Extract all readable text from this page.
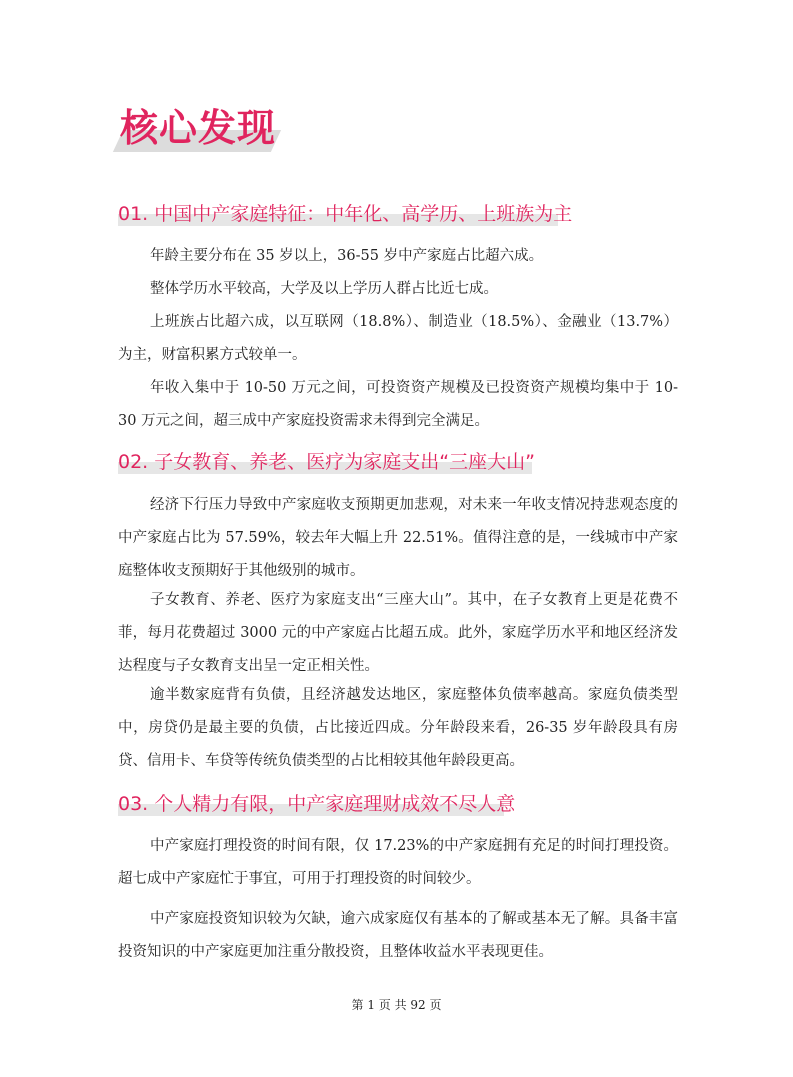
核心发现
01. 中国中产家庭特征：中年化、高学历、上班族为主

年龄主要分布在 35 岁以上，36-55 岁中产家庭占比超六成。

整体学历水平较高，大学及以上学历人群占比近七成。

上班族占比超六成，以互联网（18.8%）、制造业（18.5%）、金融业（13.7%）为主，财富积累方式较单一。

年收入集中于 10-50 万元之间，可投资资产规模及已投资资产规模均集中于 10-30 万元之间，超三成中产家庭投资需求未得到完全满足。

02. 子女教育、养老、医疗为家庭支出“三座大山”

经济下行压力导致中产家庭收支预期更加悲观，对未来一年收支情况持悲观态度的中产家庭占比为 57.59%，较去年大幅上升 22.51%。值得注意的是，一线城市中产家庭整体收支预期好于其他级别的城市。

子女教育、养老、医疗为家庭支出“三座大山”。其中，在子女教育上更是花费不菲，每月花费超过 3000 元的中产家庭占比超五成。此外，家庭学历水平和地区经济发达程度与子女教育支出呈一定正相关性。

逾半数家庭背有负债，且经济越发达地区，家庭整体负债率越高。家庭负债类型中，房贷仍是最主要的负债，占比接近四成。分年龄段来看，26-35 岁年龄段具有房贷、信用卡、车贷等传统负债类型的占比相较其他年龄段更高。

03. 个人精力有限，中产家庭理财成效不尽人意

中产家庭打理投资的时间有限，仅 17.23%的中产家庭拥有充足的时间打理投资。超七成中产家庭忙于事宜，可用于打理投资的时间较少。

中产家庭投资知识较为欠缺，逾六成家庭仅有基本的了解或基本无了解。具备丰富投资知识的中产家庭更加注重分散投资，且整体收益水平表现更佳。

第 1 页 共 92 页
